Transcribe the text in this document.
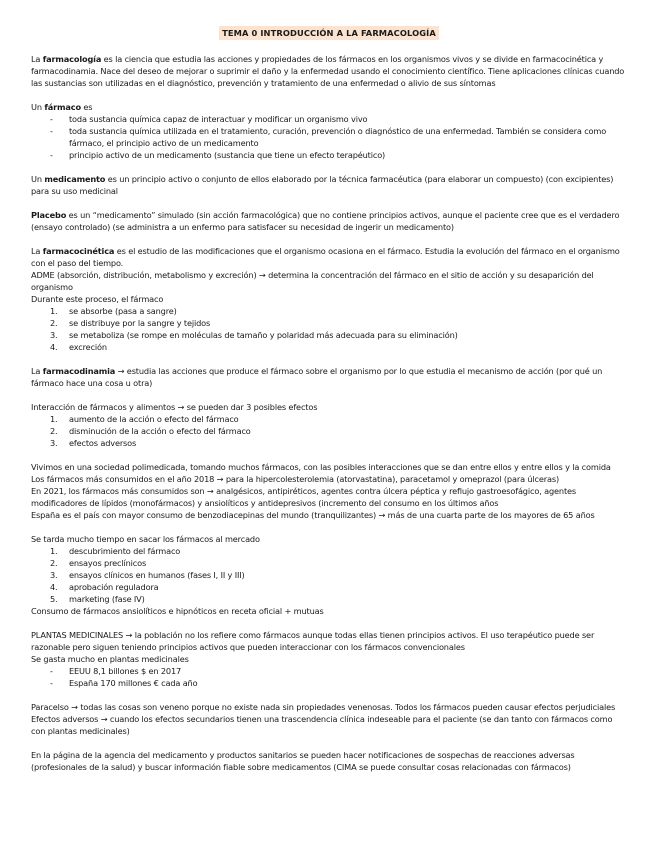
TEMA 0 INTRODUCCIÓN A LA FARMACOLOGÍA

La farmacología es la ciencia que estudia las acciones y propiedades de los fármacos en los organismos vivos y se divide en farmacocinética y farmacodinamia. Nace del deseo de mejorar o suprimir el daño y la enfermedad usando el conocimiento científico. Tiene aplicaciones clínicas cuando las sustancias son utilizadas en el diagnóstico, prevención y tratamiento de una enfermedad o alivio de sus síntomas

Un fármaco es

- toda sustancia química capaz de interactuar y modificar un organismo vivo
- toda sustancia química utilizada en el tratamiento, curación, prevención o diagnóstico de una enfermedad. También se considera como fármaco, el principio activo de un medicamento
- principio activo de un medicamento (sustancia que tiene un efecto terapéutico)

Un medicamento es un principio activo o conjunto de ellos elaborado por la técnica farmacéutica (para elaborar un compuesto) (con excipientes) para su uso medicinal

Placebo es un “medicamento” simulado (sin acción farmacológica) que no contiene principios activos, aunque el paciente cree que es el verdadero (ensayo controlado) (se administra a un enfermo para satisfacer su necesidad de ingerir un medicamento)

La farmacocinética es el estudio de las modificaciones que el organismo ocasiona en el fármaco. Estudia la evolución del fármaco en el organismo con el paso del tiempo.

ADME (absorción, distribución, metabolismo y excreción) → determina la concentración del fármaco en el sitio de acción y su desaparición del organismo

Durante este proceso, el fármaco

1. se absorbe (pasa a sangre)
2. se distribuye por la sangre y tejidos
3. se metaboliza (se rompe en moléculas de tamaño y polaridad más adecuada para su eliminación)
4. excreción

La farmacodinamia → estudia las acciones que produce el fármaco sobre el organismo por lo que estudia el mecanismo de acción (por qué un fármaco hace una cosa u otra)

Interacción de fármacos y alimentos → se pueden dar 3 posibles efectos

1. aumento de la acción o efecto del fármaco
2. disminución de la acción o efecto del fármaco
3. efectos adversos

Vivimos en una sociedad polimedicada, tomando muchos fármacos, con las posibles interacciones que se dan entre ellos y entre ellos y la comida

Los fármacos más consumidos en el año 2018 → para la hipercolesterolemia (atorvastatina), paracetamol y omeprazol (para úlceras)

En 2021, los fármacos más consumidos son → analgésicos, antipiréticos, agentes contra úlcera péptica y reflujo gastroesofágico, agentes modificadores de lípidos (monofármacos) y ansiolíticos y antidepresivos (incremento del consumo en los últimos años

España es el país con mayor consumo de benzodiacepinas del mundo (tranquilizantes) → más de una cuarta parte de los mayores de 65 años

Se tarda mucho tiempo en sacar los fármacos al mercado

1. descubrimiento del fármaco
2. ensayos preclínicos
3. ensayos clínicos en humanos (fases I, II y III)
4. aprobación reguladora
5. marketing (fase IV)

Consumo de fármacos ansiolíticos e hipnóticos en receta oficial + mutuas

PLANTAS MEDICINALES → la población no los refiere como fármacos aunque todas ellas tienen principios activos. El uso terapéutico puede ser razonable pero siguen teniendo principios activos que pueden interaccionar con los fármacos convencionales

Se gasta mucho en plantas medicinales

- EEUU 8,1 billones $ en 2017
- España 170 millones € cada año

Paracelso → todas las cosas son veneno porque no existe nada sin propiedades venenosas. Todos los fármacos pueden causar efectos perjudiciales

Efectos adversos → cuando los efectos secundarios tienen una trascendencia clínica indeseable para el paciente (se dan tanto con fármacos como con plantas medicinales)

En la página de la agencia del medicamento y productos sanitarios se pueden hacer notificaciones de sospechas de reacciones adversas (profesionales de la salud) y buscar información fiable sobre medicamentos (CIMA se puede consultar cosas relacionadas con fármacos)
